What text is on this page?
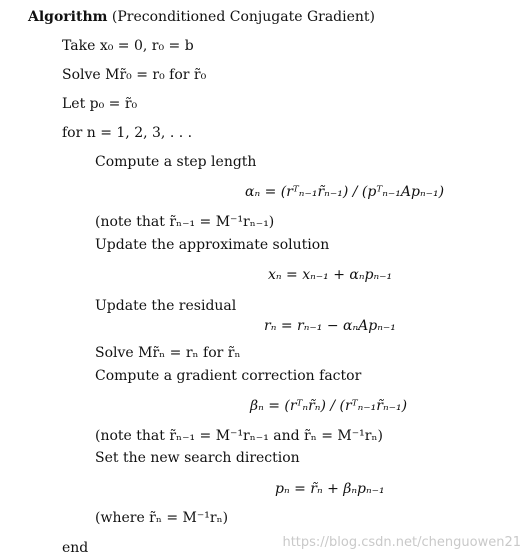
Algorithm (Preconditioned Conjugate Gradient)
Take x₀ = 0, r₀ = b
Solve Mr̃₀ = r₀ for r̃₀
Let p₀ = r̃₀
for n = 1, 2, 3, . . .
Compute a step length
αₙ = (rᵀₙ₋₁r̃ₙ₋₁) / (pᵀₙ₋₁Apₙ₋₁)
(note that r̃ₙ₋₁ = M⁻¹rₙ₋₁)
Update the approximate solution
xₙ = xₙ₋₁ + αₙpₙ₋₁
Update the residual
rₙ = rₙ₋₁ − αₙApₙ₋₁
Solve Mr̃ₙ = rₙ for r̃ₙ
Compute a gradient correction factor
βₙ = (rᵀₙr̃ₙ) / (rᵀₙ₋₁r̃ₙ₋₁)
(note that r̃ₙ₋₁ = M⁻¹rₙ₋₁ and r̃ₙ = M⁻¹rₙ)
Set the new search direction
pₙ = r̃ₙ + βₙpₙ₋₁
(where r̃ₙ = M⁻¹rₙ)
end	https://blog.csdn.net/chenguowen21
